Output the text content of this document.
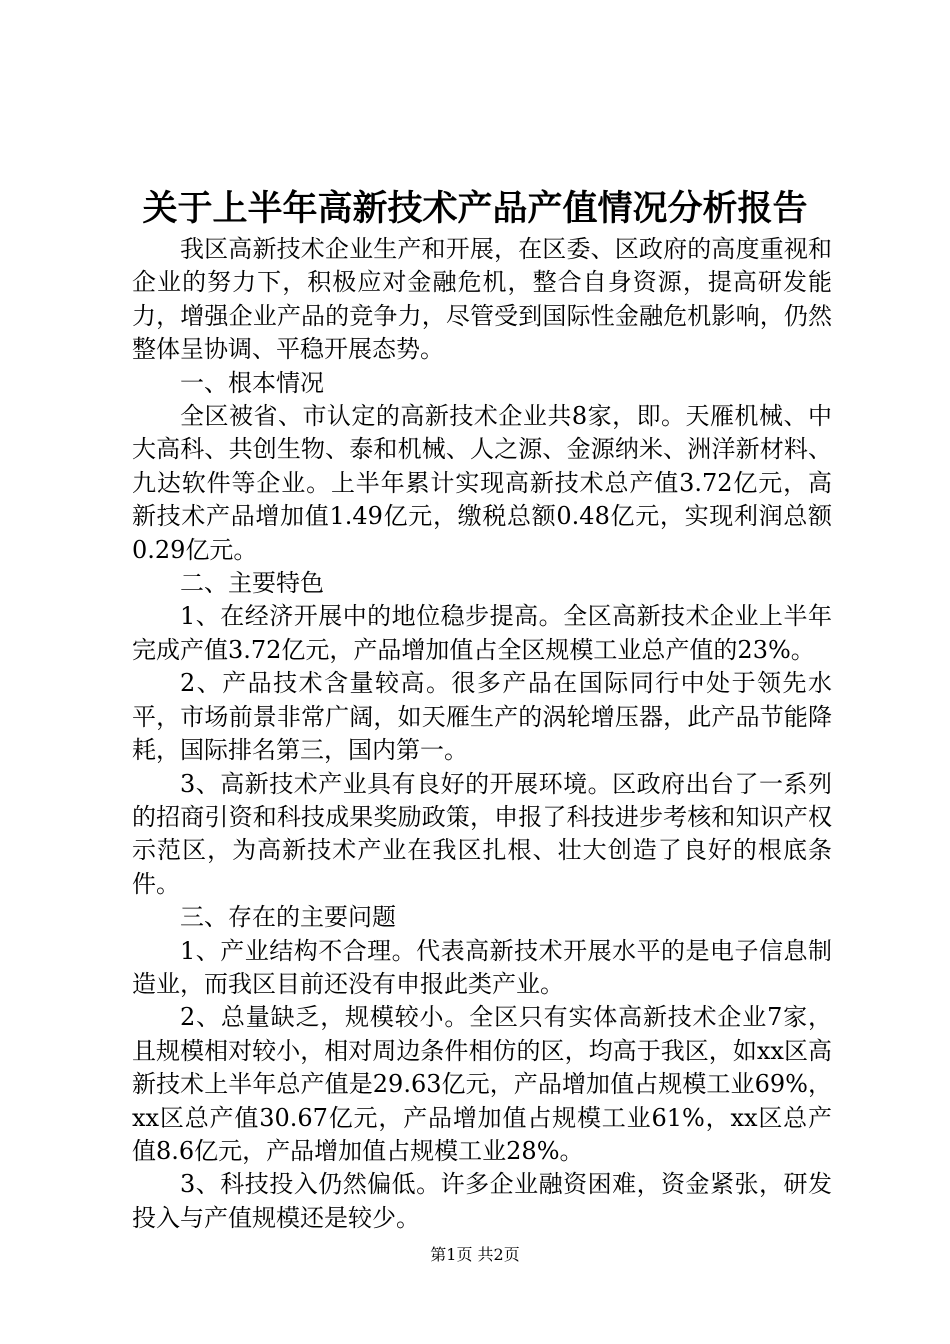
关于上半年高新技术产品产值情况分析报告

我区高新技术企业生产和开展，在区委、区政府的高度重视和企业的努力下，积极应对金融危机，整合自身资源，提高研发能力，增强企业产品的竞争力，尽管受到国际性金融危机影响，仍然整体呈协调、平稳开展态势。

一、根本情况

全区被省、市认定的高新技术企业共8家，即。天雁机械、中大高科、共创生物、泰和机械、人之源、金源纳米、洲洋新材料、九达软件等企业。上半年累计实现高新技术总产值3.72亿元，高新技术产品增加值1.49亿元，缴税总额0.48亿元，实现利润总额0.29亿元。

二、主要特色

1、在经济开展中的地位稳步提高。全区高新技术企业上半年完成产值3.72亿元，产品增加值占全区规模工业总产值的23%。

2、产品技术含量较高。很多产品在国际同行中处于领先水平，市场前景非常广阔，如天雁生产的涡轮增压器，此产品节能降耗，国际排名第三，国内第一。

3、高新技术产业具有良好的开展环境。区政府出台了一系列的招商引资和科技成果奖励政策，申报了科技进步考核和知识产权示范区，为高新技术产业在我区扎根、壮大创造了良好的根底条件。

三、存在的主要问题

1、产业结构不合理。代表高新技术开展水平的是电子信息制造业，而我区目前还没有申报此类产业。

2、总量缺乏，规模较小。全区只有实体高新技术企业7家，且规模相对较小，相对周边条件相仿的区，均高于我区，如xx区高新技术上半年总产值是29.63亿元，产品增加值占规模工业69%，xx区总产值30.67亿元，产品增加值占规模工业61%，xx区总产值8.6亿元，产品增加值占规模工业28%。

3、科技投入仍然偏低。许多企业融资困难，资金紧张，研发投入与产值规模还是较少。

第1页 共2页
